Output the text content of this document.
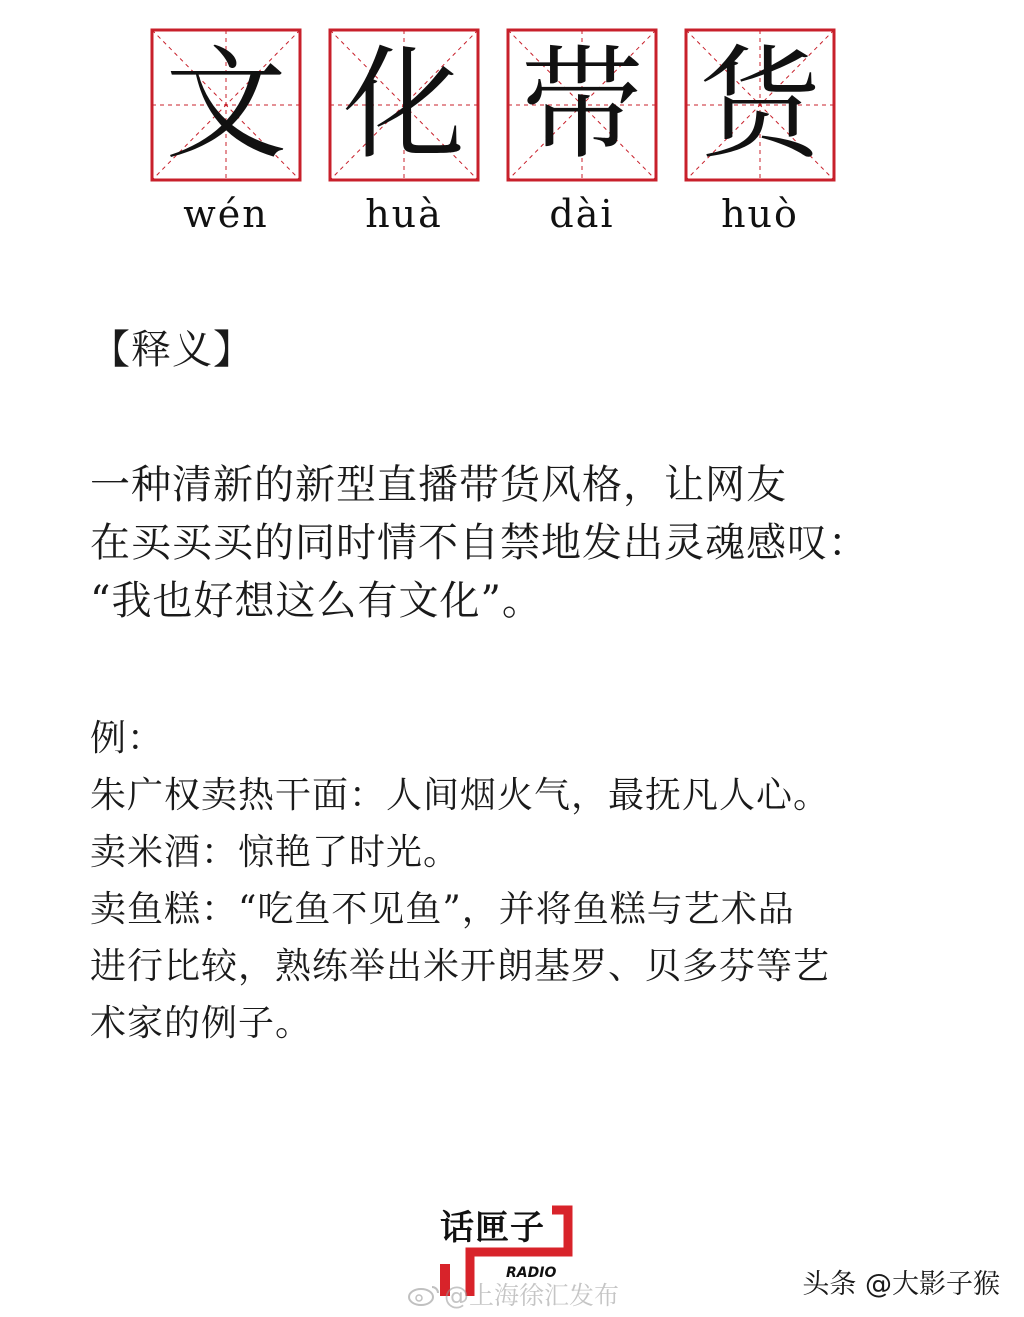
文 化 带 货
wén	huà	dài	huò
【释义】
一种清新的新型直播带货风格，让网友
在买买买的同时情不自禁地发出灵魂感叹：
“我也好想这么有文化”。
例：
朱广权卖热干面：人间烟火气，最抚凡人心。
卖米酒：惊艳了时光。
卖鱼糕：“吃鱼不见鱼”，并将鱼糕与艺术品
进行比较，熟练举出米开朗基罗、贝多芬等艺
术家的例子。
话匣子
RADIO
@上海徐汇发布	头条 @大影子猴
